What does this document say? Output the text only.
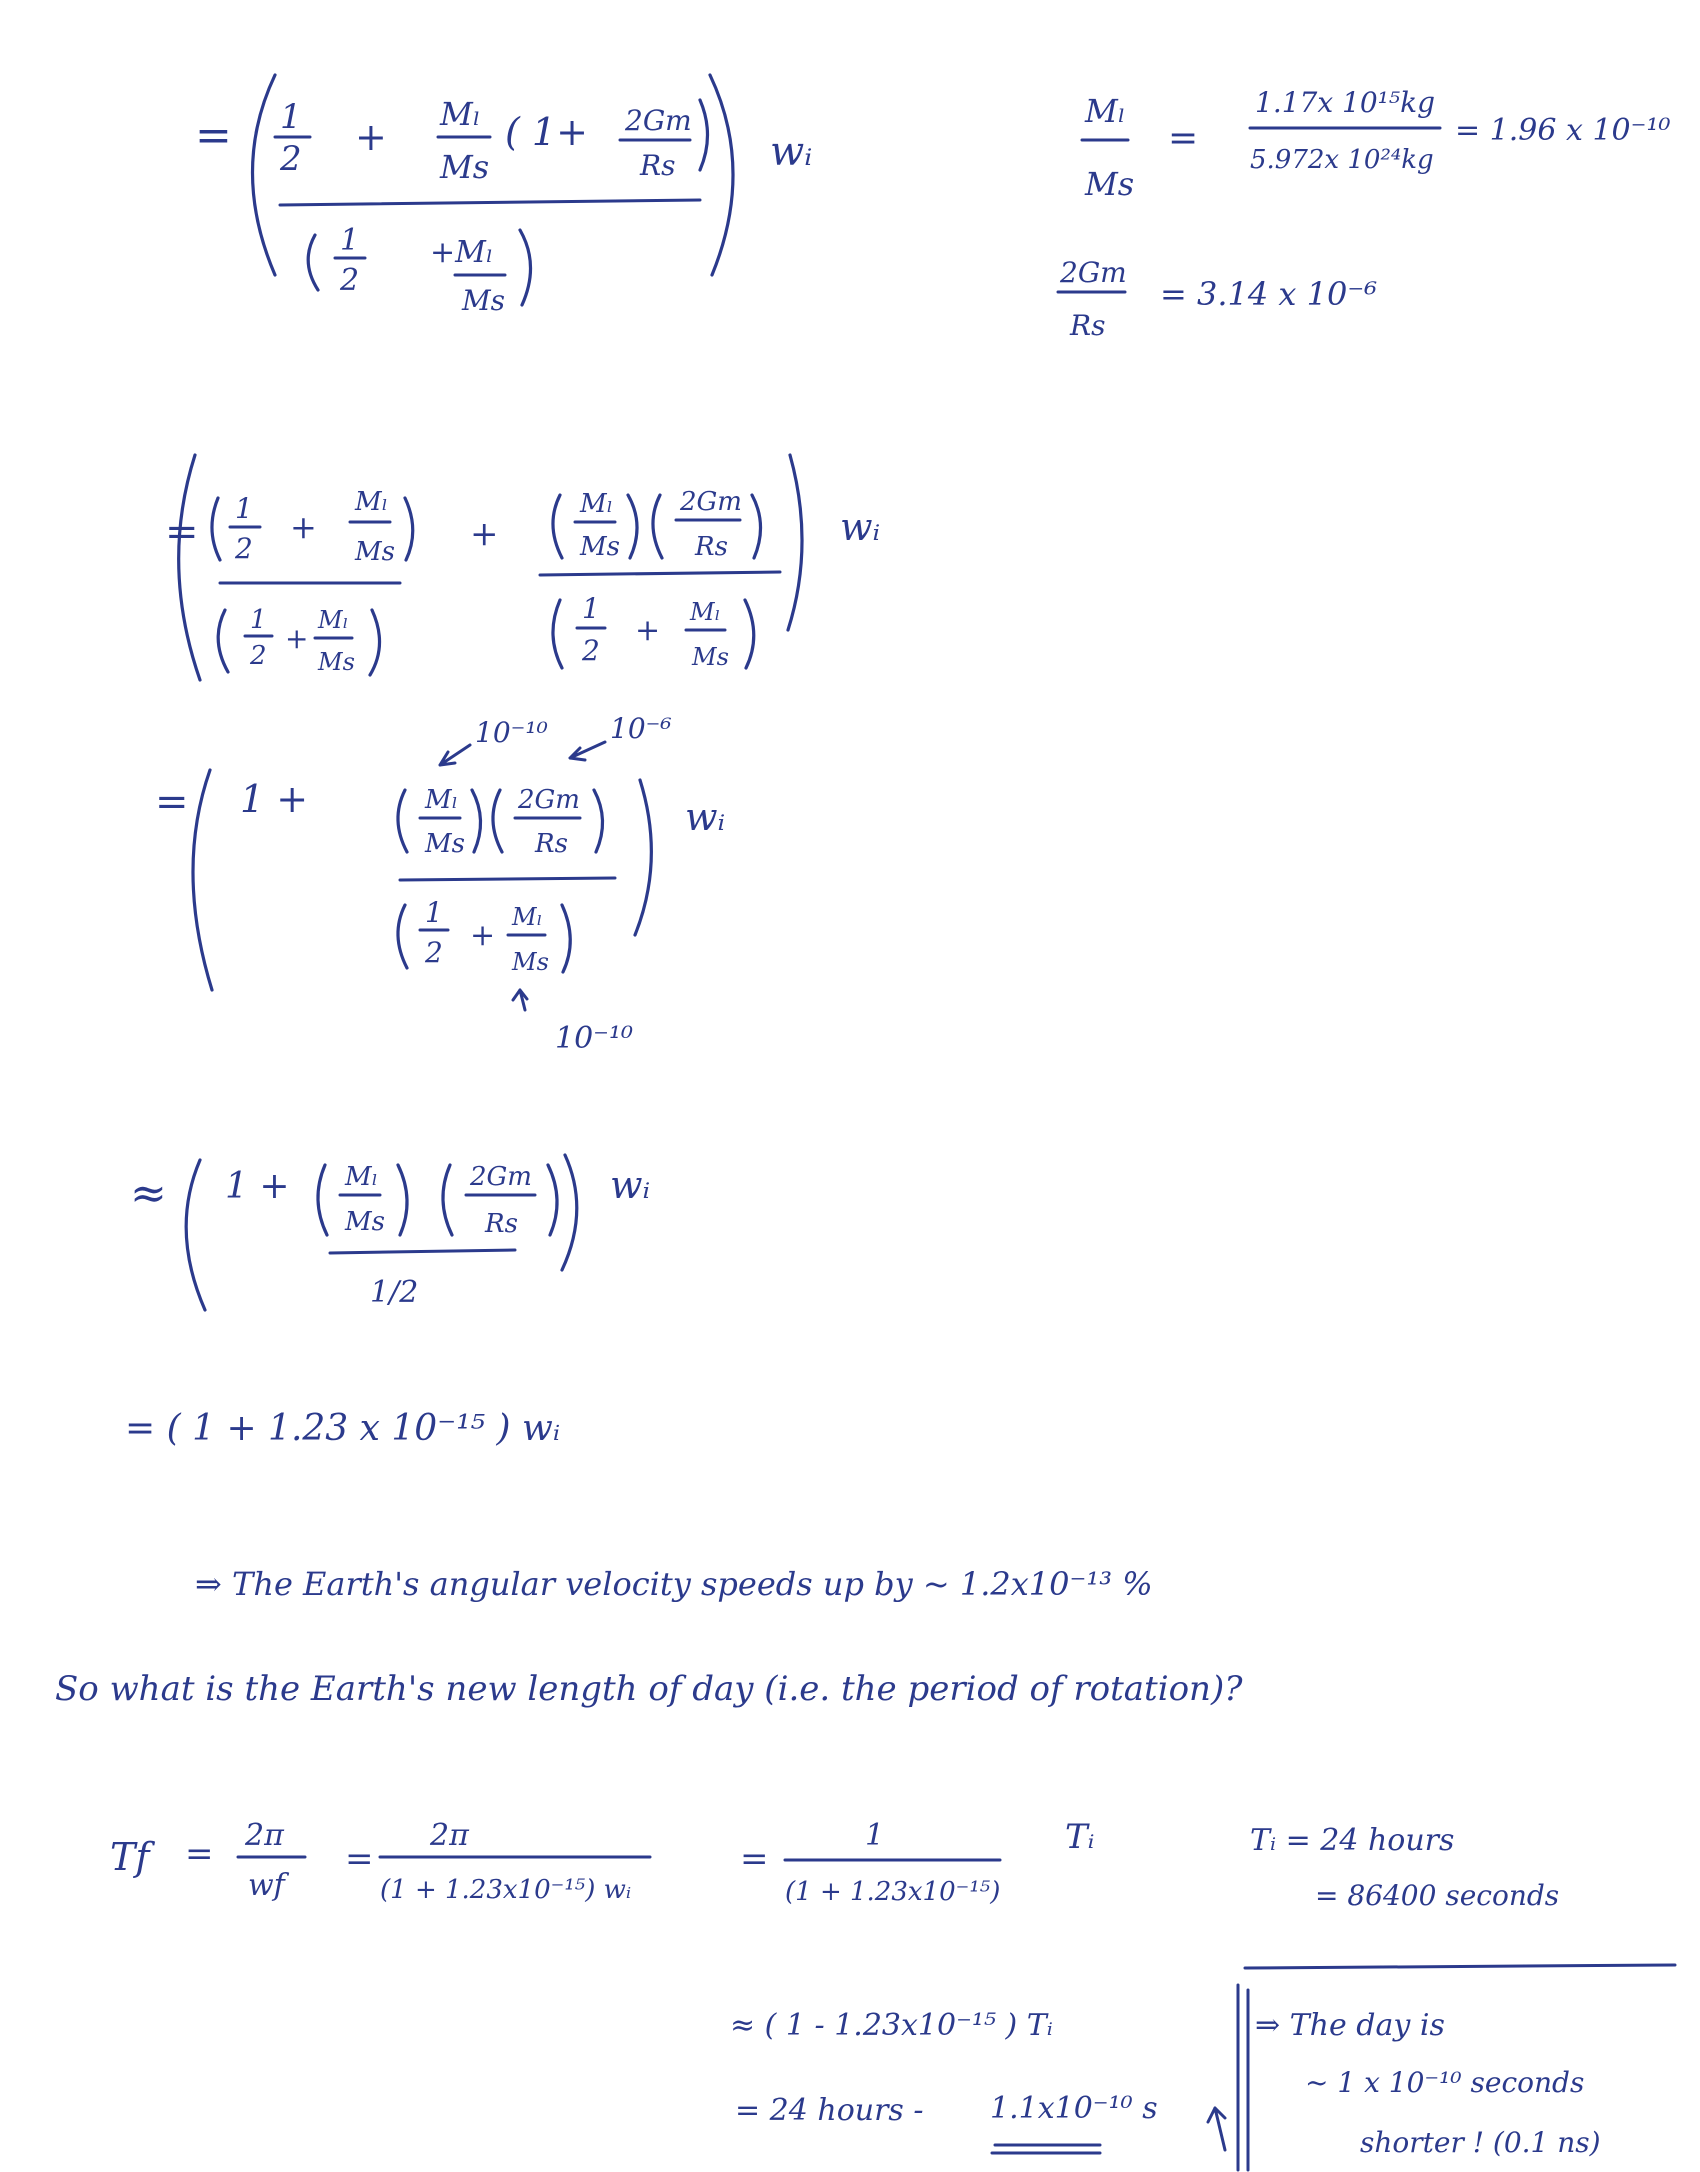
= 1
2 +
Mₗ
Ms
( 1+ 2Gm
Rs
1
2
+Mₗ
Ms
wᵢ
Mₗ
Ms
=
1.17x 10¹⁵kg
5.972x 10²⁴kg
= 1.96 x 10⁻¹⁰
2Gm
Rs
= 3.14 x 10⁻⁶
=
1
2
+
Mₗ
Ms
1
2
+
Mₗ
Ms
+
Mₗ
Ms
2Gm
Rs
1
2
+
Mₗ
Ms
wᵢ
10⁻¹⁰ 10⁻⁶
= 1 +	Mₗ
Ms
2Gm
Rs
1
2 +
Mₗ
Ms
10⁻¹⁰
wᵢ
≈ 1 + Mₗ
Ms
2Gm
Rs
1/2
wᵢ
= ( 1 + 1.23 x 10⁻¹⁵ ) wᵢ
⇒ The Earth's angular velocity speeds up by ~ 1.2x10⁻¹³ %
So what is the Earth's new length of day (i.e. the period of rotation)?
Tf = 2π
wf
=
2π
(1 + 1.23x10⁻¹⁵) wᵢ
=
1
(1 + 1.23x10⁻¹⁵)
Tᵢ	Tᵢ = 24 hours
= 86400 seconds
≈ ( 1 - 1.23x10⁻¹⁵ ) Tᵢ
= 24 hours - 1.1x10⁻¹⁰ s
⇒ The day is
~ 1 x 10⁻¹⁰ seconds
shorter ! (0.1 ns)
